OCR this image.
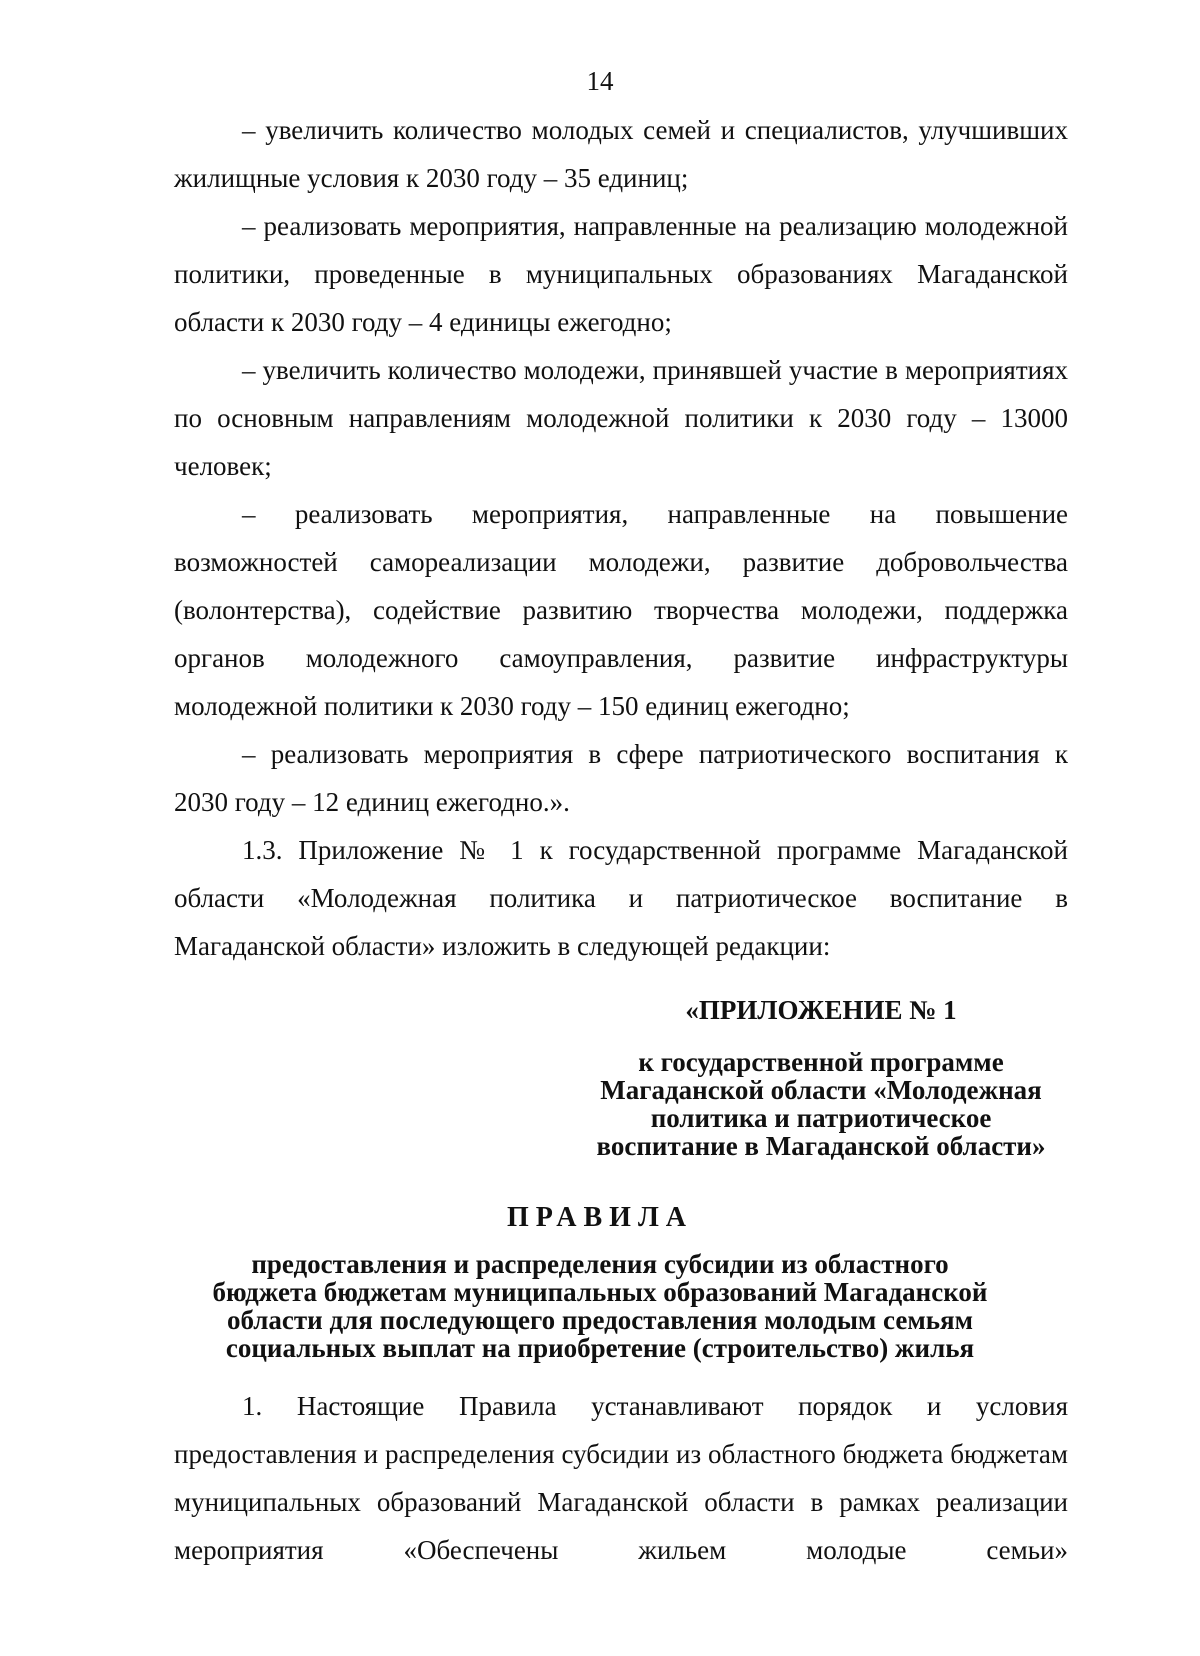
14

– увеличить количество молодых семей и специалистов, улучшивших жилищные условия к 2030 году – 35 единиц;

– реализовать мероприятия, направленные на реализацию молодежной политики, проведенные в муниципальных образованиях Магаданской области к 2030 году – 4 единицы ежегодно;

– увеличить количество молодежи, принявшей участие в мероприятиях по основным направлениям молодежной политики к 2030 году – 13000 человек;

– реализовать мероприятия, направленные на повышение возможностей самореализации молодежи, развитие добровольчества (волонтерства), содействие развитию творчества молодежи, поддержка органов молодежного самоуправления, развитие инфраструктуры молодежной политики к 2030 году – 150 единиц ежегодно;

– реализовать мероприятия в сфере патриотического воспитания к 2030 году – 12 единиц ежегодно.».

1.3. Приложение № 1 к государственной программе Магаданской области «Молодежная политика и патриотическое воспитание в Магаданской области» изложить в следующей редакции:

«ПРИЛОЖЕНИЕ № 1

к государственной программе
Магаданской области «Молодежная
политика и патриотическое
воспитание в Магаданской области»
ПРАВИЛА
предоставления и распределения субсидии из областного
бюджета бюджетам муниципальных образований Магаданской
области для последующего предоставления молодым семьям
социальных выплат на приобретение (строительство) жилья

1. Настоящие Правила устанавливают порядок и условия предоставления и распределения субсидии из областного бюджета бюджетам муниципальных образований Магаданской области в рамках реализации мероприятия «Обеспечены жильем молодые семьи»
